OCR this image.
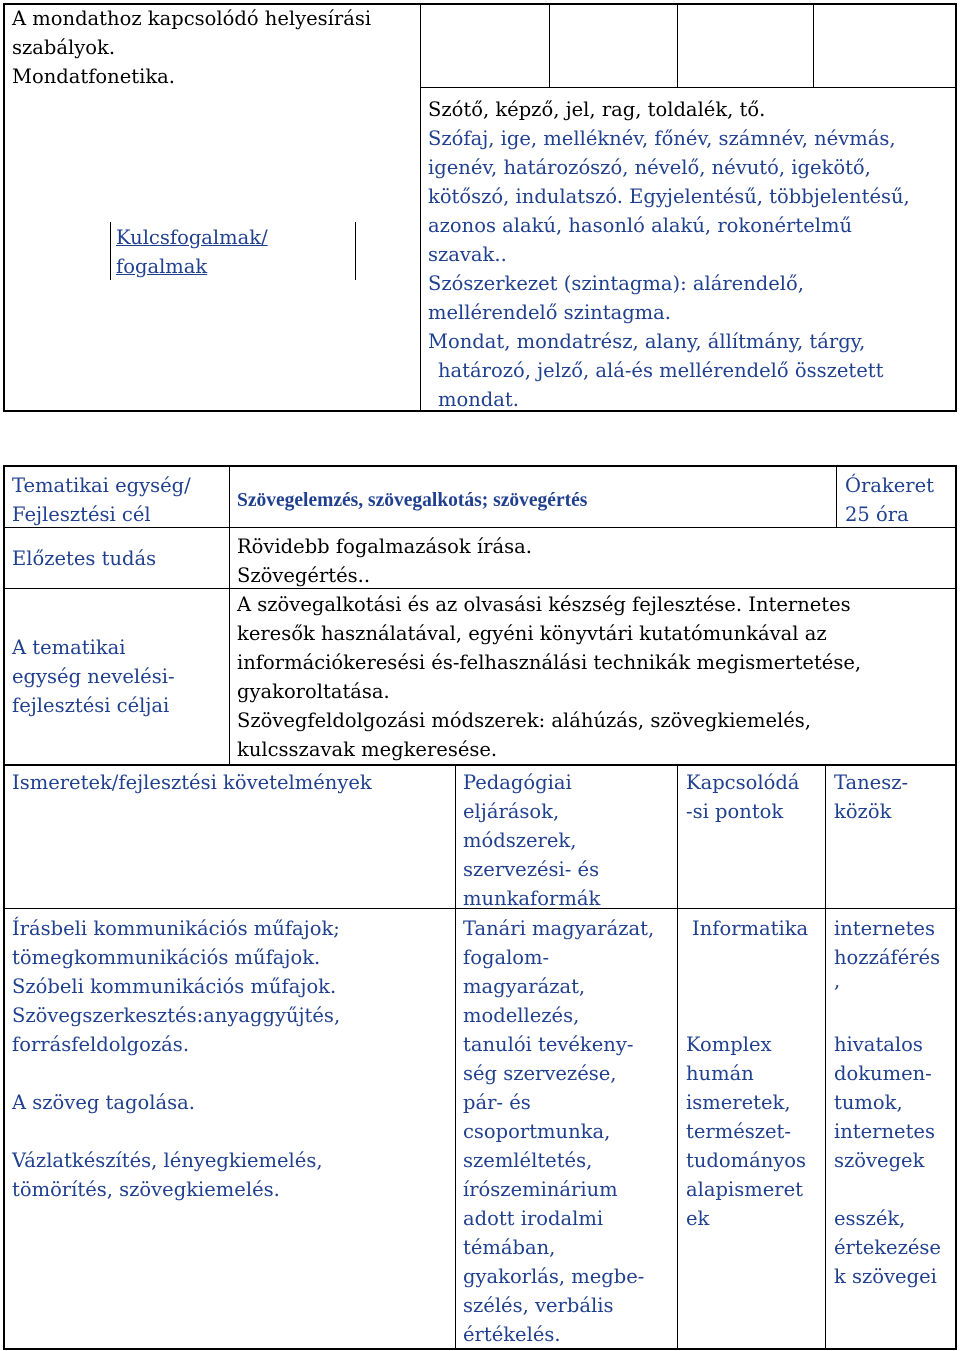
A mondathoz kapcsolódó helyesírási
szabályok.
Mondatfonetika.
Kulcsfogalmak/
fogalmak
Szótő, képző, jel, rag, toldalék, tő.
Szófaj, ige, melléknév, főnév, számnév, névmás,
igenév, határozószó, névelő, névutó, igekötő,
kötőszó, indulatszó. Egyjelentésű, többjelentésű,
azonos alakú, hasonló alakú, rokonértelmű
szavak..
Szószerkezet (szintagma): alárendelő,
mellérendelő szintagma.
Mondat, mondatrész, alany, állítmány, tárgy,
határozó, jelző, alá-és mellérendelő összetett
mondat.
Tematikai egység/
Fejlesztési cél
Szövegelemzés, szövegalkotás; szövegértés
Órakeret
25 óra
Előzetes tudás
Rövidebb fogalmazások írása.
Szövegértés..
A tematikai
egység nevelési-
fejlesztési céljai
A szövegalkotási és az olvasási készség fejlesztése. Internetes
keresők használatával, egyéni könyvtári kutatómunkával az
információkeresési és-felhasználási technikák megismertetése,
gyakoroltatása.
Szövegfeldolgozási módszerek: aláhúzás, szövegkiemelés,
kulcsszavak megkeresése.
Ismeretek/fejlesztési követelmények	Pedagógiai
eljárások,
módszerek,
szervezési- és
munkaformák
Kapcsolódá
-si pontok
Tanesz-
közök
Írásbeli kommunikációs műfajok;
tömegkommunikációs műfajok.
Szóbeli kommunikációs műfajok.
Szövegszerkesztés:anyaggyűjtés,
forrásfeldolgozás.
A szöveg tagolása.
Vázlatkészítés, lényegkiemelés,
tömörítés, szövegkiemelés.
Tanári magyarázat,
fogalom-
magyarázat,
modellezés,
tanulói tevékeny-
ség szervezése,
pár- és
csoportmunka,
szemléltetés,
írószeminárium
adott irodalmi
témában,
gyakorlás, megbe-
szélés, verbális
értékelés.
Informatika
Komplex
humán
ismeretek,
természet-
tudományos
alapismeret
ek
internetes
hozzáférés
,
hivatalos
dokumen-
tumok,
internetes
szövegek
esszék,
értekezése
k szövegei
